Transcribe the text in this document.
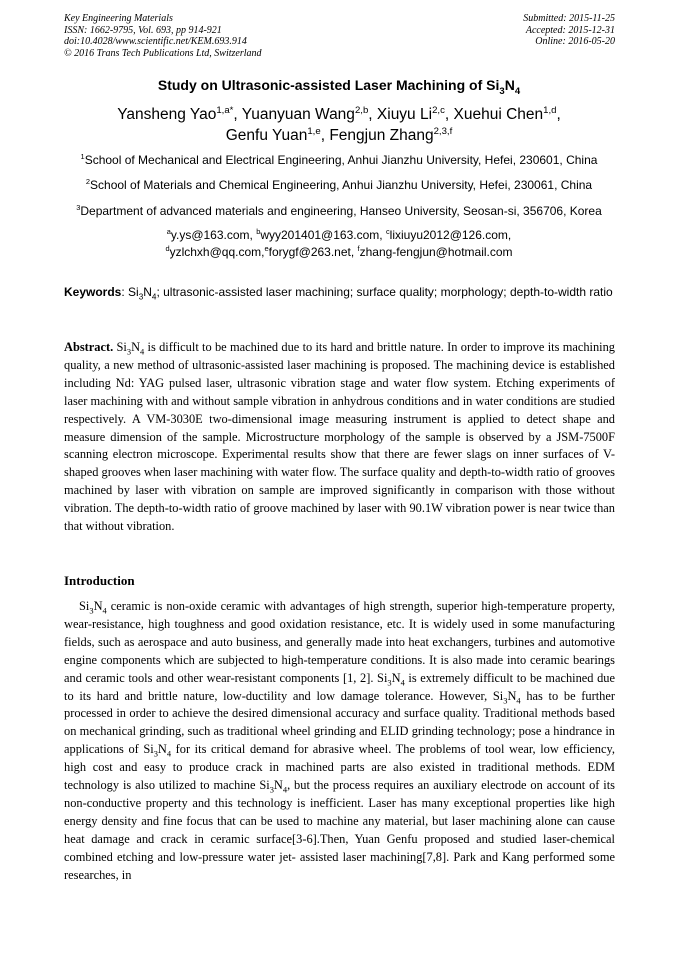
Key Engineering Materials
ISSN: 1662-9795, Vol. 693, pp 914-921
doi:10.4028/www.scientific.net/KEM.693.914
© 2016 Trans Tech Publications Ltd, Switzerland
Submitted: 2015-11-25
Accepted: 2015-12-31
Online: 2016-05-20
Study on Ultrasonic-assisted Laser Machining of $Si_3N_4$
Yansheng Yao$^{1,a*}$, Yuanyuan Wang$^{2,b}$, Xiuyu Li$^{2,c}$, Xuehui Chen$^{1,d}$,
Genfu Yuan$^{1,e}$, Fengjun Zhang$^{2,3,f}$
$^1$School of Mechanical and Electrical Engineering, Anhui Jianzhu University, Hefei, 230601, China
$^2$School of Materials and Chemical Engineering, Anhui Jianzhu University, Hefei, 230061, China
$^3$Department of advanced materials and engineering, Hanseo University, Seosan-si, 356706, Korea
$^a$y.ys@163.com, $^b$wyy201401@163.com, $^c$lixiuyu2012@126.com,
$^d$yzlchxh@qq.com,$^e$forygf@263.net, $^f$zhang-fengjun@hotmail.com
Keywords: $Si_3N_4$; ultrasonic-assisted laser machining; surface quality; morphology; depth-to-width ratio

Abstract. $Si_3N_4$ is difficult to be machined due to its hard and brittle nature. In order to improve its machining quality, a new method of ultrasonic-assisted laser machining is proposed. The machining device is established including Nd: YAG pulsed laser, ultrasonic vibration stage and water flow system. Etching experiments of laser machining with and without sample vibration in anhydrous conditions and in water conditions are studied respectively. A VM-3030E two-dimensional image measuring instrument is applied to detect shape and measure dimension of the sample. Microstructure morphology of the sample is observed by a JSM-7500F scanning electron microscope. Experimental results show that there are fewer slags on inner surfaces of V-shaped grooves when laser machining with water flow. The surface quality and depth-to-width ratio of grooves machined by laser with vibration on sample are improved significantly in comparison with those without vibration. The depth-to-width ratio of groove machined by laser with 90.1W vibration power is near twice than that without vibration.

Introduction

$Si_3N_4$ ceramic is non-oxide ceramic with advantages of high strength, superior high-temperature property, wear-resistance, high toughness and good oxidation resistance, etc. It is widely used in some manufacturing fields, such as aerospace and auto business, and generally made into heat exchangers, turbines and automotive engine components which are subjected to high-temperature conditions. It is also made into ceramic bearings and ceramic tools and other wear-resistant components [1, 2]. $Si_3N_4$ is extremely difficult to be machined due to its hard and brittle nature, low-ductility and low damage tolerance. However, $Si_3N_4$ has to be further processed in order to achieve the desired dimensional accuracy and surface quality. Traditional methods based on mechanical grinding, such as traditional wheel grinding and ELID grinding technology; pose a hindrance in applications of $Si_3N_4$ for its critical demand for abrasive wheel. The problems of tool wear, low efficiency, high cost and easy to produce crack in machined parts are also existed in traditional methods. EDM technology is also utilized to machine $Si_3N_4$, but the process requires an auxiliary electrode on account of its non-conductive property and this technology is inefficient. Laser has many exceptional properties like high energy density and fine focus that can be used to machine any material, but laser machining alone can cause heat damage and crack in ceramic surface[3-6].Then, Yuan Genfu proposed and studied laser-chemical combined etching and low-pressure water jet- assisted laser machining[7,8]. Park and Kang performed some researches, in
